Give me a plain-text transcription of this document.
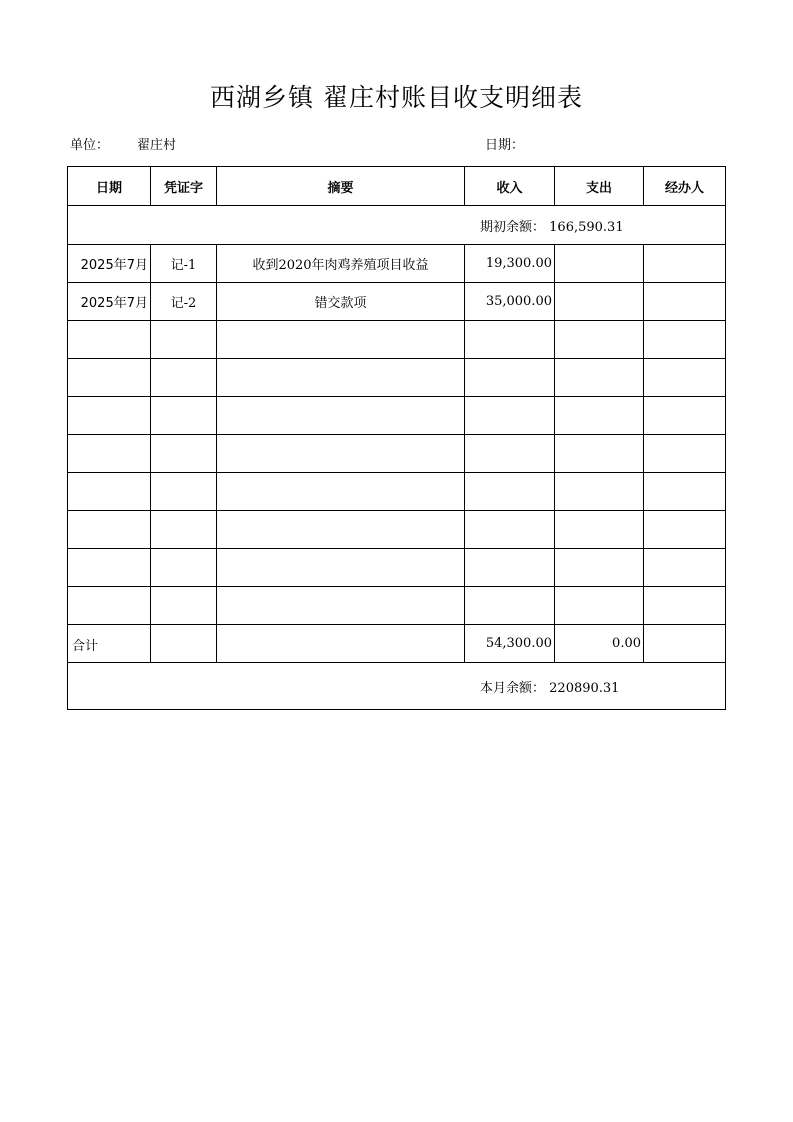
西湖乡镇 翟庄村账目收支明细表
单位： 翟庄村	日期：
日期	凭证字	摘要	收入	支出	经办人

期初余额： 166,590.31					

2025年7月	记-1	收到2020年肉鸡养殖项目收益	19,300.00		
2025年7月	记-2	错交款项	35,000.00		

合计			54,300.00	0.00	

本月余额： 220890.31					
